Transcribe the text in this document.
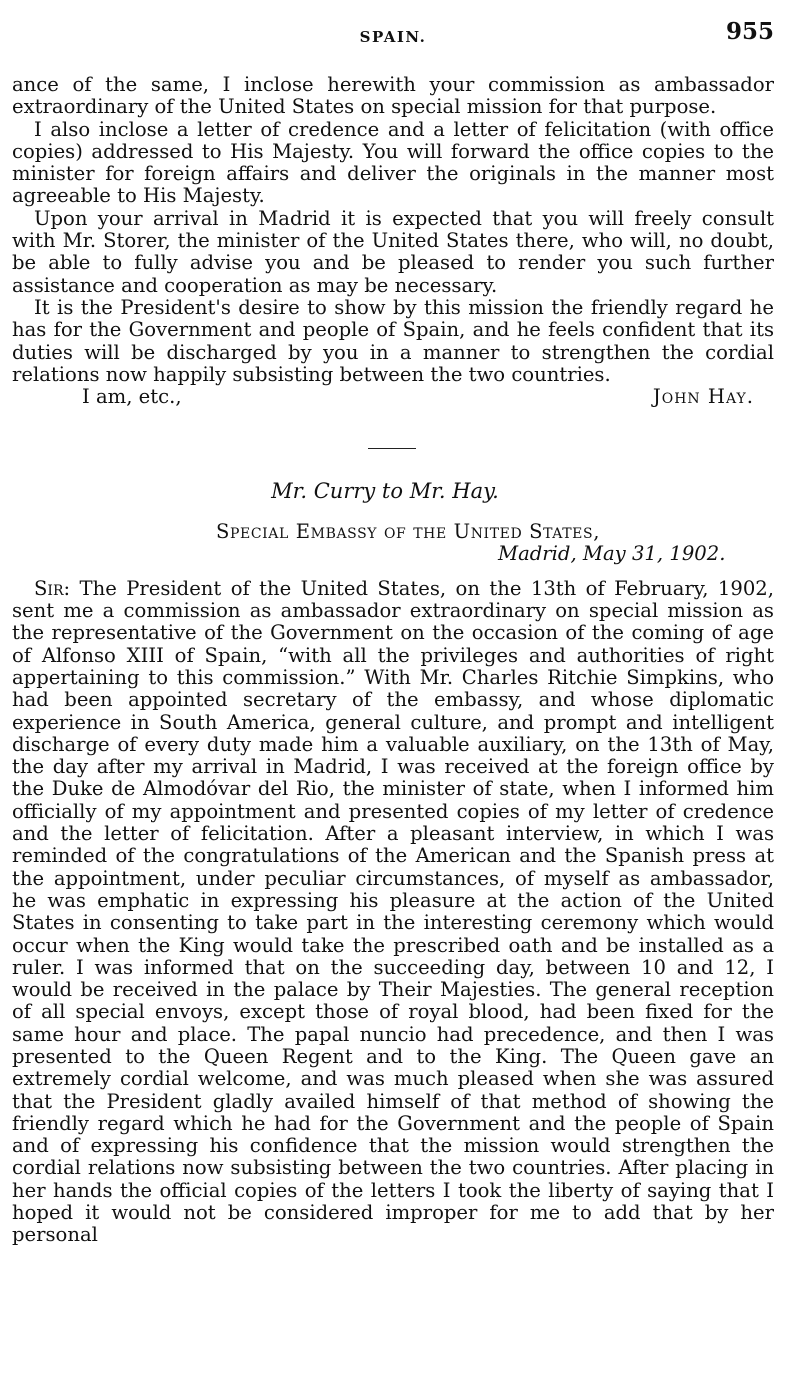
SPAIN.	955

ance of the same, I inclose herewith your commission as ambassador extraordinary of the United States on special mission for that purpose.

I also inclose a letter of credence and a letter of felicitation (with office copies) addressed to His Majesty. You will forward the office copies to the minister for foreign affairs and deliver the originals in the manner most agreeable to His Majesty.

Upon your arrival in Madrid it is expected that you will freely consult with Mr. Storer, the minister of the United States there, who will, no doubt, be able to fully advise you and be pleased to render you such further assistance and cooperation as may be necessary.

It is the President's desire to show by this mission the friendly regard he has for the Government and people of Spain, and he feels confident that its duties will be discharged by you in a manner to strengthen the cordial relations now happily subsisting between the two countries.

I am, etc.,	John Hay.
Mr. Curry to Mr. Hay.
Special Embassy of the United States,
Madrid, May 31, 1902.

Sir: The President of the United States, on the 13th of February, 1902, sent me a commission as ambassador extraordinary on special mission as the representative of the Government on the occasion of the coming of age of Alfonso XIII of Spain, “with all the privileges and authorities of right appertaining to this commission.” With Mr. Charles Ritchie Simpkins, who had been appointed secretary of the embassy, and whose diplomatic experience in South America, general culture, and prompt and intelligent discharge of every duty made him a valuable auxiliary, on the 13th of May, the day after my arrival in Madrid, I was received at the foreign office by the Duke de Almodóvar del Rio, the minister of state, when I informed him officially of my appointment and presented copies of my letter of credence and the letter of felicitation. After a pleasant interview, in which I was reminded of the congratulations of the American and the Spanish press at the appointment, under peculiar circumstances, of myself as ambassador, he was emphatic in expressing his pleasure at the action of the United States in consenting to take part in the interesting ceremony which would occur when the King would take the prescribed oath and be installed as a ruler. I was informed that on the succeeding day, between 10 and 12, I would be received in the palace by Their Majesties. The general reception of all special envoys, except those of royal blood, had been fixed for the same hour and place. The papal nuncio had precedence, and then I was presented to the Queen Regent and to the King. The Queen gave an extremely cordial welcome, and was much pleased when she was assured that the President gladly availed himself of that method of showing the friendly regard which he had for the Government and the people of Spain and of expressing his confidence that the mission would strengthen the cordial relations now subsisting between the two countries. After placing in her hands the official copies of the letters I took the liberty of saying that I hoped it would not be considered improper for me to add that by her personal
